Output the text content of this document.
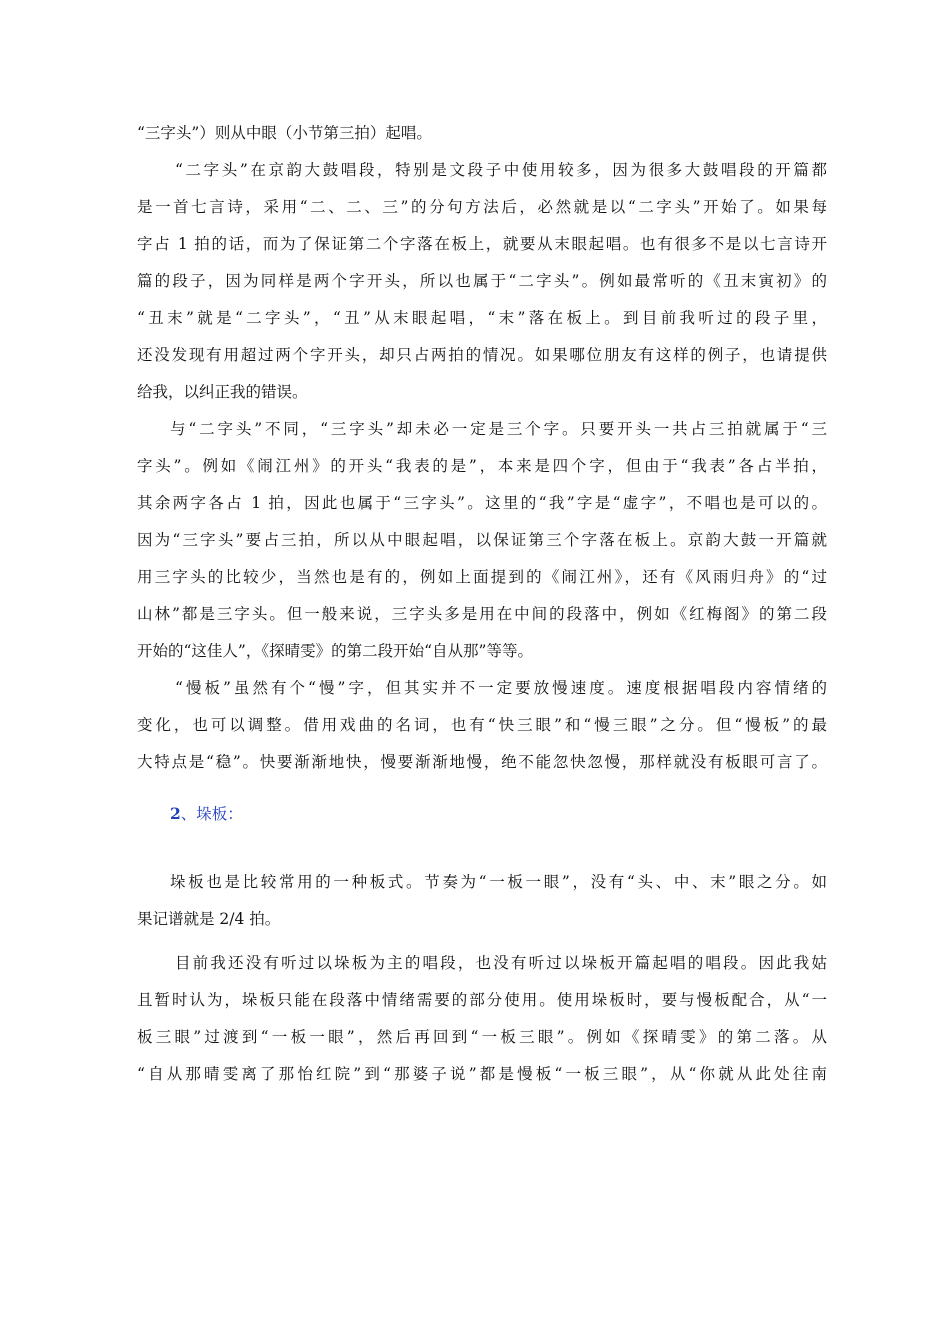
“三字头”）则从中眼（小节第三拍）起唱。
“二字头”在京韵大鼓唱段，特别是文段子中使用较多，因为很多大鼓唱段的开篇都
是一首七言诗，采用“二、二、三”的分句方法后，必然就是以“二字头”开始了。如果每
字占 1 拍的话，而为了保证第二个字落在板上，就要从末眼起唱。也有很多不是以七言诗开
篇的段子，因为同样是两个字开头，所以也属于“二字头”。例如最常听的《丑末寅初》的
“丑末”就是“二字头”，“丑”从末眼起唱，“末”落在板上。到目前我听过的段子里，
还没发现有用超过两个字开头，却只占两拍的情况。如果哪位朋友有这样的例子，也请提供
给我，以纠正我的错误。
与“二字头”不同，“三字头”却未必一定是三个字。只要开头一共占三拍就属于“三
字头”。例如《闹江州》的开头“我表的是”，本来是四个字，但由于“我表”各占半拍，
其余两字各占 1 拍，因此也属于“三字头”。这里的“我”字是“虚字”，不唱也是可以的。
因为“三字头”要占三拍，所以从中眼起唱，以保证第三个字落在板上。京韵大鼓一开篇就
用三字头的比较少，当然也是有的，例如上面提到的《闹江州》，还有《风雨归舟》的“过
山林”都是三字头。但一般来说，三字头多是用在中间的段落中，例如《红梅阁》的第二段
开始的“这佳人”，《探晴雯》的第二段开始“自从那”等等。
“慢板”虽然有个“慢”字，但其实并不一定要放慢速度。速度根据唱段内容情绪的
变化，也可以调整。借用戏曲的名词，也有“快三眼”和“慢三眼”之分。但“慢板”的最
大特点是“稳”。快要渐渐地快，慢要渐渐地慢，绝不能忽快忽慢，那样就没有板眼可言了。
2、垛板：
垛板也是比较常用的一种板式。节奏为“一板一眼”，没有“头、中、末”眼之分。如
果记谱就是 2/4 拍。
目前我还没有听过以垛板为主的唱段，也没有听过以垛板开篇起唱的唱段。因此我姑
且暂时认为，垛板只能在段落中情绪需要的部分使用。使用垛板时，要与慢板配合，从“一
板三眼”过渡到“一板一眼”，然后再回到“一板三眼”。例如《探晴雯》的第二落。从
“自从那晴雯离了那怡红院”到“那婆子说”都是慢板“一板三眼”，从“你就从此处往南
